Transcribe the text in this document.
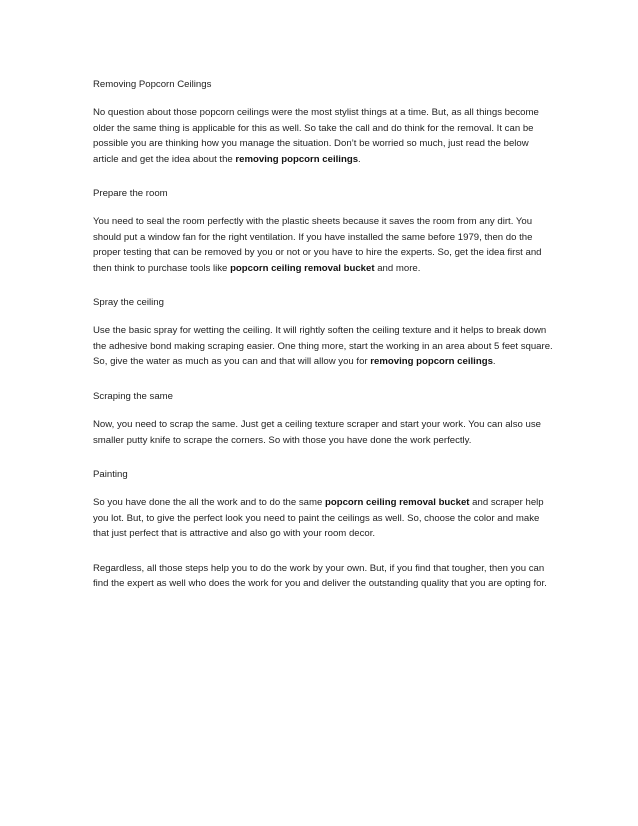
Removing Popcorn Ceilings

No question about those popcorn ceilings were the most stylist things at a time. But, as all things become older the same thing is applicable for this as well. So take the call and do think for the removal. It can be possible you are thinking how you manage the situation. Don’t be worried so much, just read the below article and get the idea about the removing popcorn ceilings.

Prepare the room

You need to seal the room perfectly with the plastic sheets because it saves the room from any dirt. You should put a window fan for the right ventilation. If you have installed the same before 1979, then do the proper testing that can be removed by you or not or you have to hire the experts. So, get the idea first and then think to purchase tools like popcorn ceiling removal bucket and more.

Spray the ceiling

Use the basic spray for wetting the ceiling. It will rightly soften the ceiling texture and it helps to break down the adhesive bond making scraping easier. One thing more, start the working in an area about 5 feet square. So, give the water as much as you can and that will allow you for removing popcorn ceilings.

Scraping the same

Now, you need to scrap the same. Just get a ceiling texture scraper and start your work. You can also use smaller putty knife to scrape the corners. So with those you have done the work perfectly.

Painting

So you have done the all the work and to do the same popcorn ceiling removal bucket and scraper help you lot. But, to give the perfect look you need to paint the ceilings as well. So, choose the color and make that just perfect that is attractive and also go with your room decor.

Regardless, all those steps help you to do the work by your own. But, if you find that tougher, then you can find the expert as well who does the work for you and deliver the outstanding quality that you are opting for.
